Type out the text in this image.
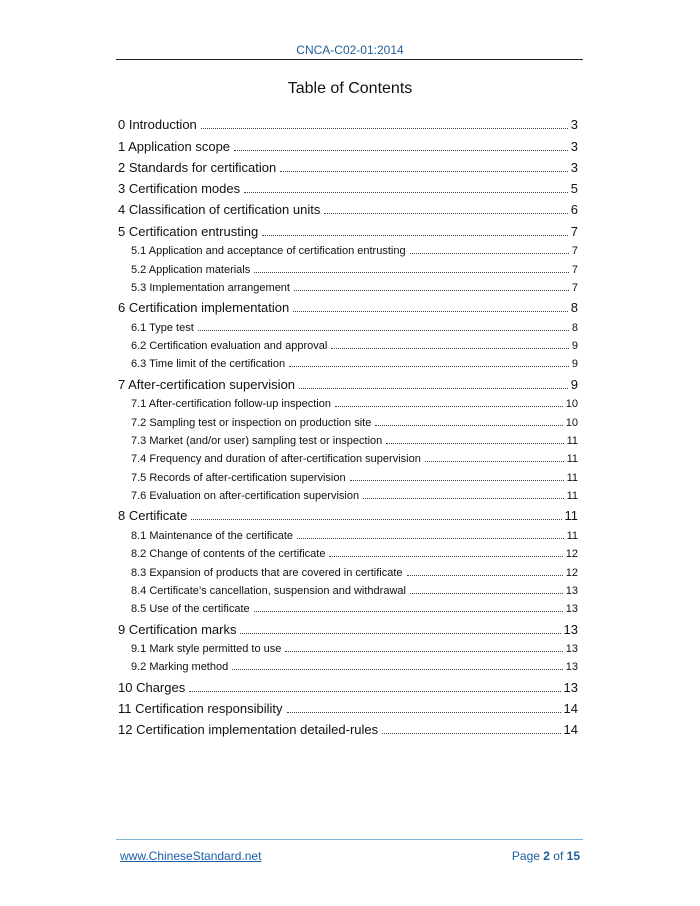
CNCA-C02-01:2014
Table of Contents
0 Introduction	3
1 Application scope	3
2 Standards for certification	3
3 Certification modes	5
4 Classification of certification units	6
5 Certification entrusting	7
5.1 Application and acceptance of certification entrusting	7
5.2 Application materials	7
5.3 Implementation arrangement	7
6 Certification implementation	8
6.1 Type test	8
6.2 Certification evaluation and approval	9
6.3 Time limit of the certification	9
7 After-certification supervision	9
7.1 After-certification follow-up inspection	10
7.2 Sampling test or inspection on production site	10
7.3 Market (and/or user) sampling test or inspection	11
7.4 Frequency and duration of after-certification supervision	11
7.5 Records of after-certification supervision	11
7.6 Evaluation on after-certification supervision	11
8 Certificate	11
8.1 Maintenance of the certificate	11
8.2 Change of contents of the certificate	12
8.3 Expansion of products that are covered in certificate	12
8.4 Certificate’s cancellation, suspension and withdrawal	13
8.5 Use of the certificate	13
9 Certification marks	13
9.1 Mark style permitted to use	13
9.2 Marking method	13
10 Charges	13
11 Certification responsibility	14
12 Certification implementation detailed-rules	14
www.ChineseStandard.net	Page 2 of 15
